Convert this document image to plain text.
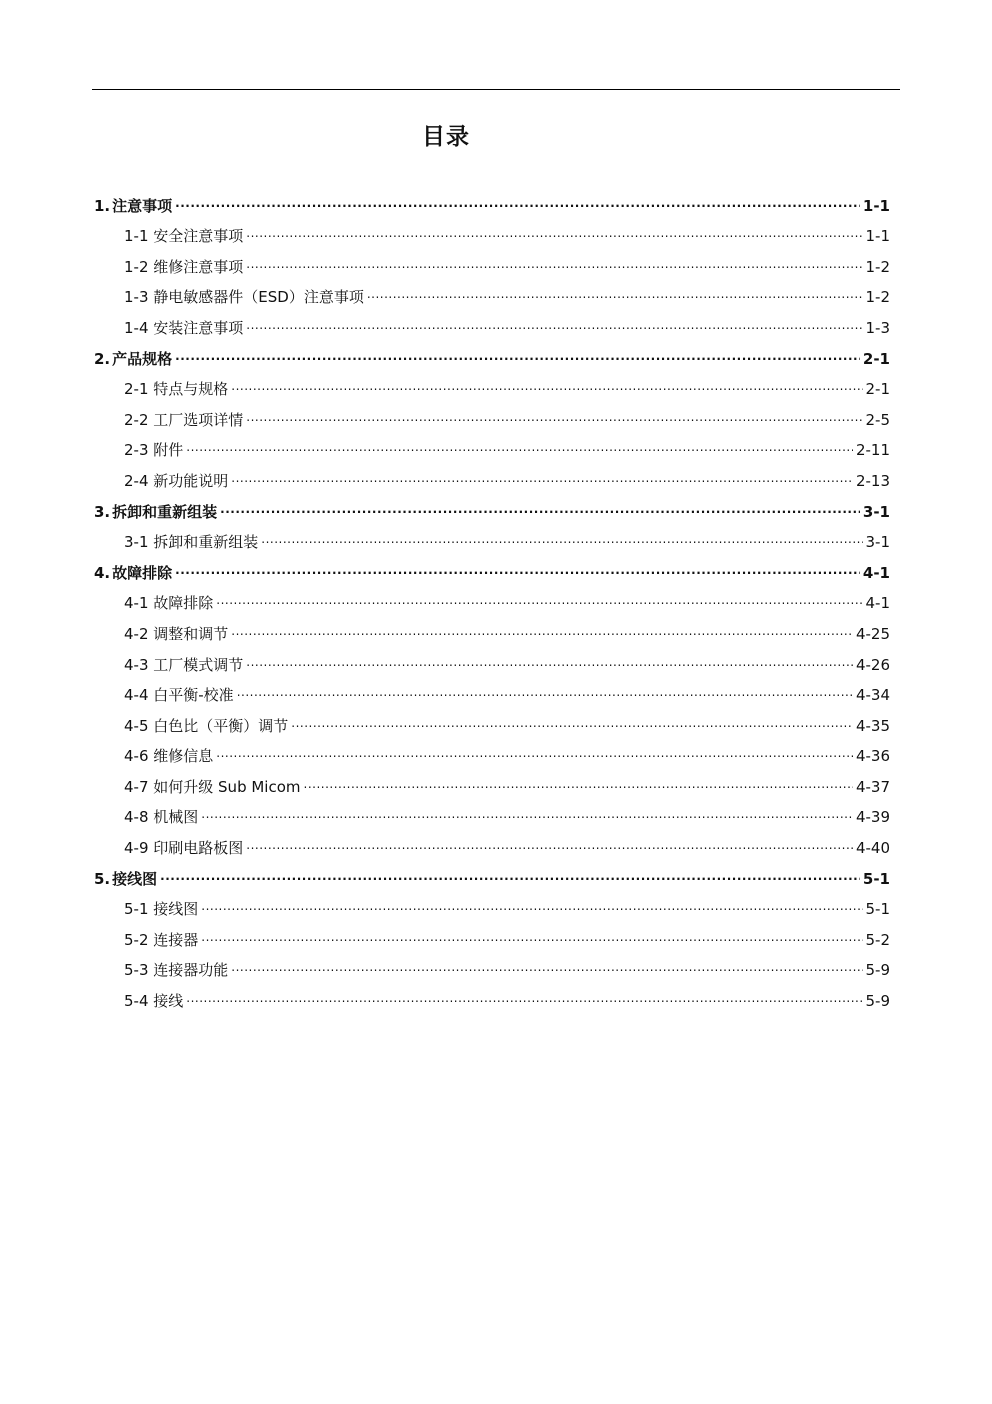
目录
1. 注意事项 .....	1-1
1-1 安全注意事项 .....	1-1
1-2 维修注意事项 .....	1-2
1-3 静电敏感器件（ESD）注意事项 .....	1-2
1-4 安装注意事项 .....	1-3
2. 产品规格 .....	2-1
2-1 特点与规格 .....	2-1
2-2 工厂选项详情 .....	2-5
2-3 附件 .....	2-11
2-4 新功能说明 .....	2-13
3. 拆卸和重新组装 .....	3-1
3-1 拆卸和重新组装 .....	3-1
4. 故障排除 .....	4-1
4-1 故障排除 .....	4-1
4-2 调整和调节 .....	4-25
4-3 工厂模式调节 .....	4-26
4-4 白平衡-校准 .....	4-34
4-5 白色比（平衡）调节 .....	4-35
4-6 维修信息 .....	4-36
4-7 如何升级 Sub Micom .....	4-37
4-8 机械图 .....	4-39
4-9 印刷电路板图 .....	4-40
5. 接线图 .....	5-1
5-1 接线图 .....	5-1
5-2 连接器 .....	5-2
5-3 连接器功能 .....	5-9
5-4 接线 .....	5-9
